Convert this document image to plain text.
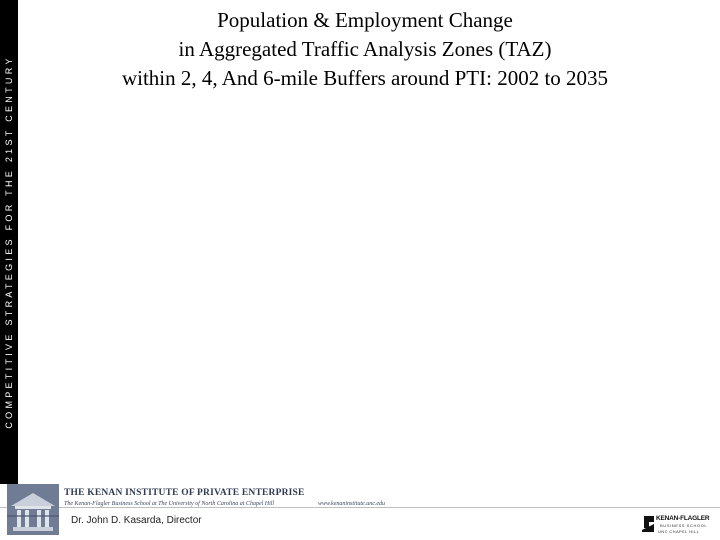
COMPETITIVE STRATEGIES FOR THE 21ST CENTURY
Population & Employment Change
in Aggregated Traffic Analysis Zones (TAZ)
within 2, 4, And 6-mile Buffers around PTI: 2002 to 2035
THE KENAN INSTITUTE OF PRIVATE ENTERPRISE
The Kenan-Flagler Business School at The University of North Carolina at Chapel Hill	www.kenaninstitute.unc.edu
Dr. John D. Kasarda, Director	KENAN-FLAGLER
BUSINESS SCHOOL
UNC CHAPEL HILL
